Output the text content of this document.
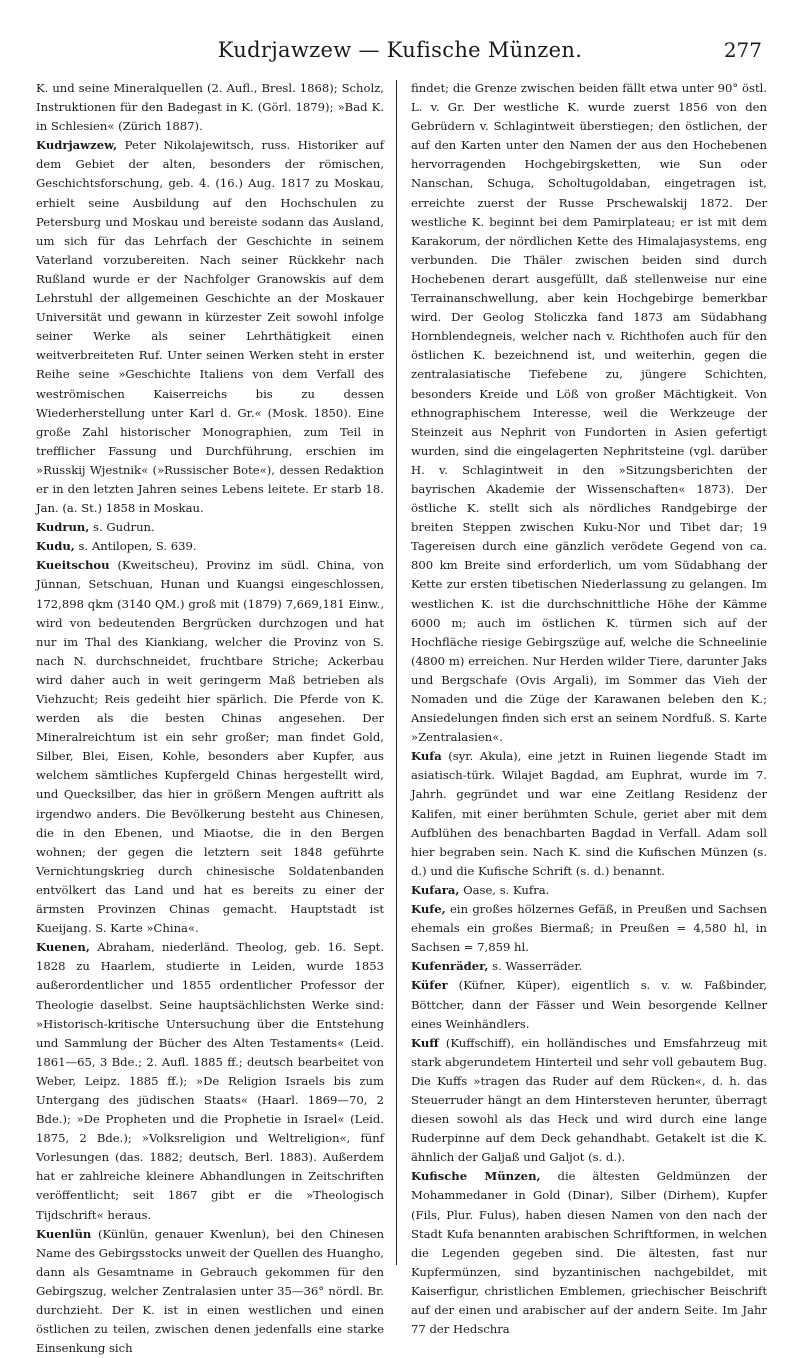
Kudrjawzew — Kufische Münzen.	277

K. und seine Mineralquellen (2. Aufl., Bresl. 1868); Scholz, Instruktionen für den Badegast in K. (Görl. 1879); »Bad K. in Schlesien« (Zürich 1887).

Kudrjawzew, Peter Nikolajewitsch, russ. Historiker auf dem Gebiet der alten, besonders der römischen, Geschichtsforschung, geb. 4. (16.) Aug. 1817 zu Moskau, erhielt seine Ausbildung auf den Hochschulen zu Petersburg und Moskau und bereiste sodann das Ausland, um sich für das Lehrfach der Geschichte in seinem Vaterland vorzubereiten. Nach seiner Rückkehr nach Rußland wurde er der Nachfolger Granowskis auf dem Lehrstuhl der allgemeinen Geschichte an der Moskauer Universität und gewann in kürzester Zeit sowohl infolge seiner Werke als seiner Lehrthätigkeit einen weitverbreiteten Ruf. Unter seinen Werken steht in erster Reihe seine »Geschichte Italiens von dem Verfall des weströmischen Kaiserreichs bis zu dessen Wiederherstellung unter Karl d. Gr.« (Mosk. 1850). Eine große Zahl historischer Monographien, zum Teil in trefflicher Fassung und Durchführung, erschien im »Russkij Wjestnik« (»Russischer Bote«), dessen Redaktion er in den letzten Jahren seines Lebens leitete. Er starb 18. Jan. (a. St.) 1858 in Moskau.

Kudrun, s. Gudrun.

Kudu, s. Antilopen, S. 639.

Kueitschou (Kweitscheu), Provinz im südl. China, von Jünnan, Setschuan, Hunan und Kuangsi eingeschlossen, 172,898 qkm (3140 QM.) groß mit (1879) 7,669,181 Einw., wird von bedeutenden Bergrücken durchzogen und hat nur im Thal des Kiankiang, welcher die Provinz von S. nach N. durchschneidet, fruchtbare Striche; Ackerbau wird daher auch in weit geringerm Maß betrieben als Viehzucht; Reis gedeiht hier spärlich. Die Pferde von K. werden als die besten Chinas angesehen. Der Mineralreichtum ist ein sehr großer; man findet Gold, Silber, Blei, Eisen, Kohle, besonders aber Kupfer, aus welchem sämtliches Kupfergeld Chinas hergestellt wird, und Quecksilber, das hier in größern Mengen auftritt als irgendwo anders. Die Bevölkerung besteht aus Chinesen, die in den Ebenen, und Miaotse, die in den Bergen wohnen; der gegen die letztern seit 1848 geführte Vernichtungskrieg durch chinesische Soldatenbanden entvölkert das Land und hat es bereits zu einer der ärmsten Provinzen Chinas gemacht. Hauptstadt ist Kueijang. S. Karte »China«.

Kuenen, Abraham, niederländ. Theolog, geb. 16. Sept. 1828 zu Haarlem, studierte in Leiden, wurde 1853 außerordentlicher und 1855 ordentlicher Professor der Theologie daselbst. Seine hauptsächlichsten Werke sind: »Historisch-kritische Untersuchung über die Entstehung und Sammlung der Bücher des Alten Testaments« (Leid. 1861—65, 3 Bde.; 2. Aufl. 1885 ff.; deutsch bearbeitet von Weber, Leipz. 1885 ff.); »De Religion Israels bis zum Untergang des jüdischen Staats« (Haarl. 1869—70, 2 Bde.); »De Propheten und die Prophetie in Israel« (Leid. 1875, 2 Bde.); »Volksreligion und Weltreligion«, fünf Vorlesungen (das. 1882; deutsch, Berl. 1883). Außerdem hat er zahlreiche kleinere Abhandlungen in Zeitschriften veröffentlicht; seit 1867 gibt er die »Theologisch Tijdschrift« heraus.

Kuenlün (Künlün, genauer Kwenlun), bei den Chinesen Name des Gebirgsstocks unweit der Quellen des Huangho, dann als Gesamtname in Gebrauch gekommen für den Gebirgszug, welcher Zentralasien unter 35—36° nördl. Br. durchzieht. Der K. ist in einen westlichen und einen östlichen zu teilen, zwischen denen jedenfalls eine starke Einsenkung sich

findet; die Grenze zwischen beiden fällt etwa unter 90° östl. L. v. Gr. Der westliche K. wurde zuerst 1856 von den Gebrüdern v. Schlagintweit überstiegen; den östlichen, der auf den Karten unter den Namen der aus den Hochebenen hervorragenden Hochgebirgsketten, wie Sun oder Nanschan, Schuga, Scholtugoldaban, eingetragen ist, erreichte zuerst der Russe Prschewalskij 1872. Der westliche K. beginnt bei dem Pamirplateau; er ist mit dem Karakorum, der nördlichen Kette des Himalajasystems, eng verbunden. Die Thäler zwischen beiden sind durch Hochebenen derart ausgefüllt, daß stellenweise nur eine Terrainanschwellung, aber kein Hochgebirge bemerkbar wird. Der Geolog Stoliczka fand 1873 am Südabhang Hornblendegneis, welcher nach v. Richthofen auch für den östlichen K. bezeichnend ist, und weiterhin, gegen die zentralasiatische Tiefebene zu, jüngere Schichten, besonders Kreide und Löß von großer Mächtigkeit. Von ethnographischem Interesse, weil die Werkzeuge der Steinzeit aus Nephrit von Fundorten in Asien gefertigt wurden, sind die eingelagerten Nephritsteine (vgl. darüber H. v. Schlagintweit in den »Sitzungsberichten der bayrischen Akademie der Wissenschaften« 1873). Der östliche K. stellt sich als nördliches Randgebirge der breiten Steppen zwischen Kuku-Nor und Tibet dar; 19 Tagereisen durch eine gänzlich verödete Gegend von ca. 800 km Breite sind erforderlich, um vom Südabhang der Kette zur ersten tibetischen Niederlassung zu gelangen. Im westlichen K. ist die durchschnittliche Höhe der Kämme 6000 m; auch im östlichen K. türmen sich auf der Hochfläche riesige Gebirgszüge auf, welche die Schneelinie (4800 m) erreichen. Nur Herden wilder Tiere, darunter Jaks und Bergschafe (Ovis Argali), im Sommer das Vieh der Nomaden und die Züge der Karawanen beleben den K.; Ansiedelungen finden sich erst an seinem Nordfuß. S. Karte »Zentralasien«.

Kufa (syr. Akula), eine jetzt in Ruinen liegende Stadt im asiatisch-türk. Wilajet Bagdad, am Euphrat, wurde im 7. Jahrh. gegründet und war eine Zeitlang Residenz der Kalifen, mit einer berühmten Schule, geriet aber mit dem Aufblühen des benachbarten Bagdad in Verfall. Adam soll hier begraben sein. Nach K. sind die Kufischen Münzen (s. d.) und die Kufische Schrift (s. d.) benannt.

Kufara, Oase, s. Kufra.

Kufe, ein großes hölzernes Gefäß, in Preußen und Sachsen ehemals ein großes Biermaß; in Preußen = 4,580 hl, in Sachsen = 7,859 hl.

Kufenräder, s. Wasserräder.

Küfer (Küfner, Küper), eigentlich s. v. w. Faßbinder, Böttcher, dann der Fässer und Wein besorgende Kellner eines Weinhändlers.

Kuff (Kuffschiff), ein holländisches und Emsfahrzeug mit stark abgerundetem Hinterteil und sehr voll gebautem Bug. Die Kuffs »tragen das Ruder auf dem Rücken«, d. h. das Steuerruder hängt an dem Hintersteven herunter, überragt diesen sowohl als das Heck und wird durch eine lange Ruderpinne auf dem Deck gehandhabt. Getakelt ist die K. ähnlich der Galjaß und Galjot (s. d.).

Kufische Münzen, die ältesten Geldmünzen der Mohammedaner in Gold (Dinar), Silber (Dirhem), Kupfer (Fils, Plur. Fulus), haben diesen Namen von den nach der Stadt Kufa benannten arabischen Schriftformen, in welchen die Legenden gegeben sind. Die ältesten, fast nur Kupfermünzen, sind byzantinischen nachgebildet, mit Kaiserfigur, christlichen Emblemen, griechischer Beischrift auf der einen und arabischer auf der andern Seite. Im Jahr 77 der Hedschra
